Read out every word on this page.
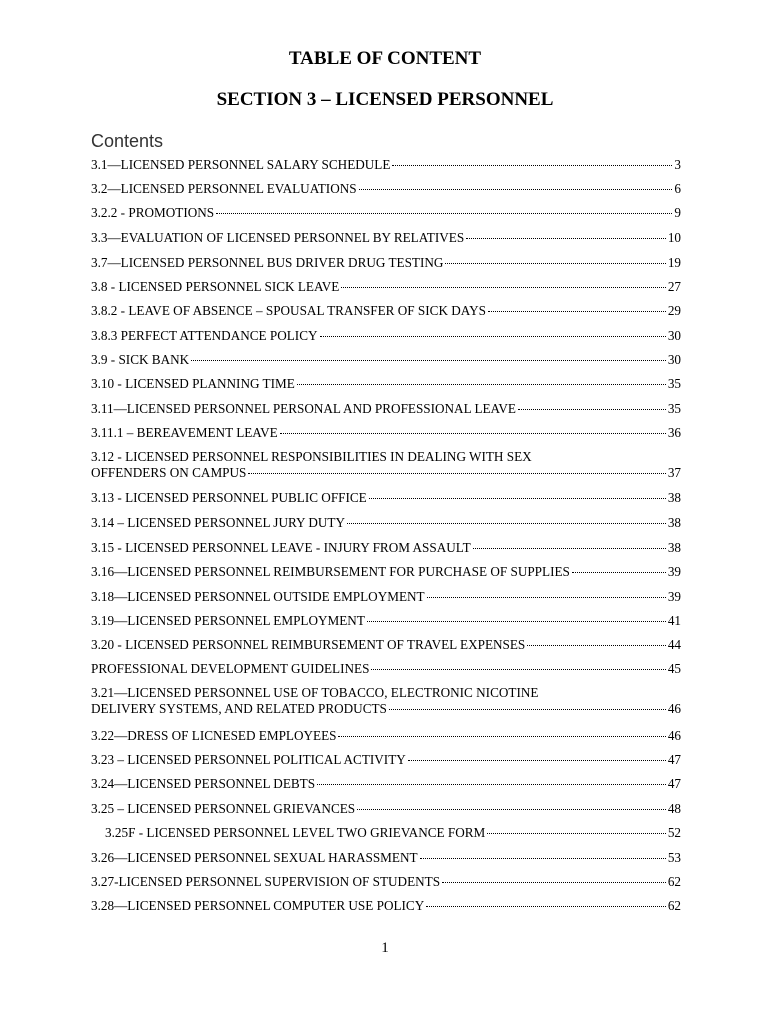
TABLE OF CONTENT
SECTION 3 – LICENSED PERSONNEL
Contents
3.1—LICENSED PERSONNEL SALARY SCHEDULE	3
3.2—LICENSED PERSONNEL EVALUATIONS	6
3.2.2 - PROMOTIONS	9
3.3—EVALUATION OF LICENSED PERSONNEL BY RELATIVES	10
3.7—LICENSED PERSONNEL BUS DRIVER DRUG TESTING	19
3.8 - LICENSED PERSONNEL SICK LEAVE	27
3.8.2 - LEAVE OF ABSENCE – SPOUSAL TRANSFER OF SICK DAYS	29
3.8.3 PERFECT ATTENDANCE POLICY	30
3.9 - SICK BANK	30
3.10 - LICENSED PLANNING TIME	35
3.11—LICENSED PERSONNEL PERSONAL AND PROFESSIONAL LEAVE	35
3.11.1 – BEREAVEMENT LEAVE	36
3.12 - LICENSED PERSONNEL RESPONSIBILITIES IN DEALING WITH SEX
OFFENDERS ON CAMPUS	37
3.13 - LICENSED PERSONNEL PUBLIC OFFICE	38
3.14 – LICENSED PERSONNEL JURY DUTY	38
3.15 - LICENSED PERSONNEL LEAVE - INJURY FROM ASSAULT	38
3.16—LICENSED PERSONNEL REIMBURSEMENT FOR PURCHASE OF SUPPLIES	39
3.18—LICENSED PERSONNEL OUTSIDE EMPLOYMENT	39
3.19—LICENSED PERSONNEL EMPLOYMENT	41
3.20 - LICENSED PERSONNEL REIMBURSEMENT OF TRAVEL EXPENSES	44
PROFESSIONAL DEVELOPMENT GUIDELINES	45
3.21—LICENSED PERSONNEL USE OF TOBACCO, ELECTRONIC NICOTINE
DELIVERY SYSTEMS, AND RELATED PRODUCTS	46
3.22—DRESS OF LICNESED EMPLOYEES	46
3.23 – LICENSED PERSONNEL POLITICAL ACTIVITY	47
3.24—LICENSED PERSONNEL DEBTS	47
3.25 – LICENSED PERSONNEL GRIEVANCES	48
3.25F - LICENSED PERSONNEL LEVEL TWO GRIEVANCE FORM	52
3.26—LICENSED PERSONNEL SEXUAL HARASSMENT	53
3.27-LICENSED PERSONNEL SUPERVISION OF STUDENTS	62
3.28—LICENSED PERSONNEL COMPUTER USE POLICY	62
1
